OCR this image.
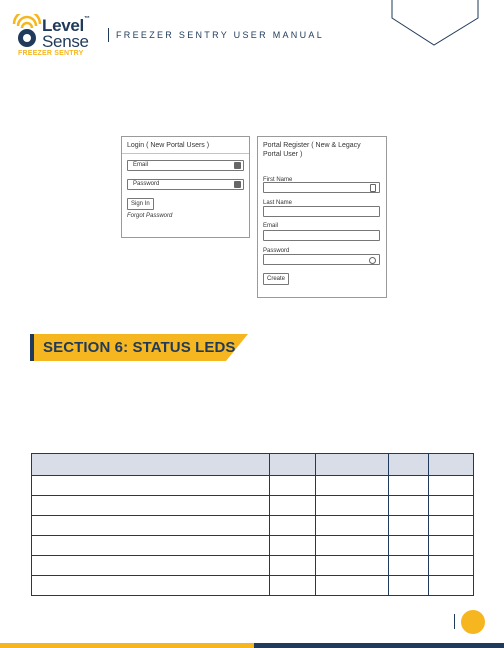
Level™
Sense
FREEZER SENTRY
FREEZER SENTRY USER MANUAL
Login ( New Portal Users )
Email
Password
Sign In
Forgot Password
Portal Register ( New & Legacy
Portal User )
First Name
Last Name
Email
Password
Create
SECTION 6: STATUS LEDS
